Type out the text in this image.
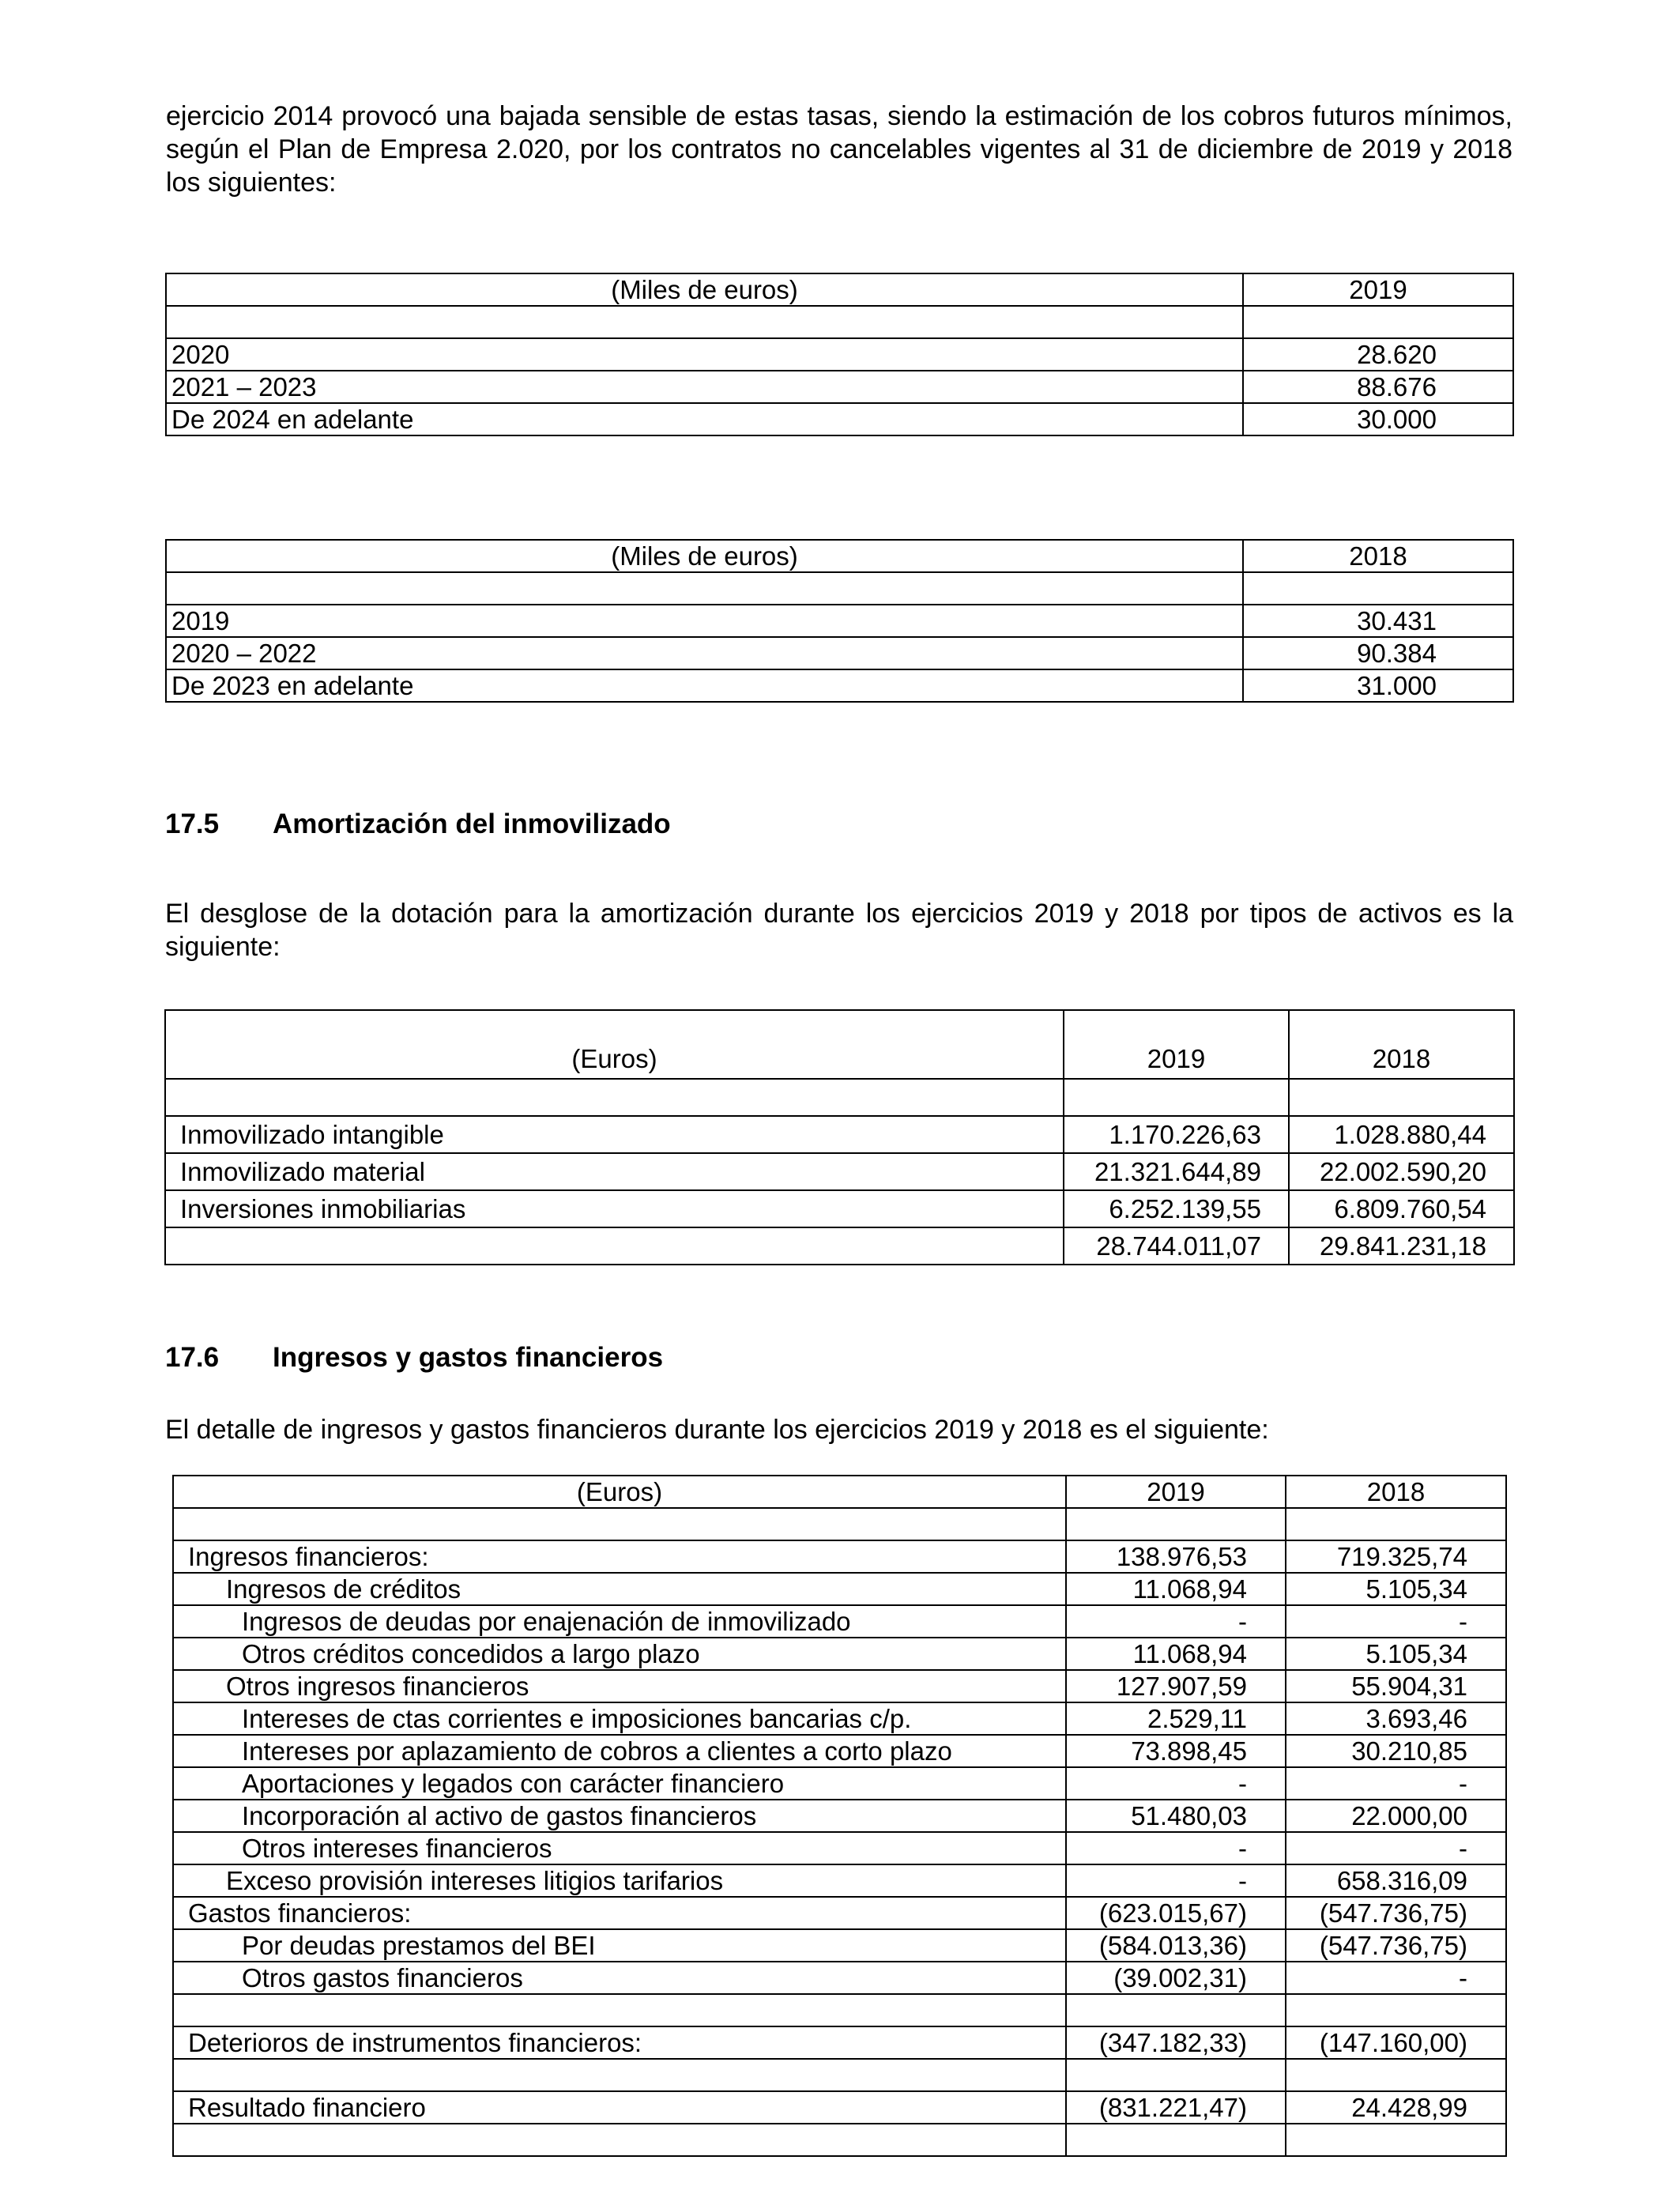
ejercicio 2014 provocó una bajada sensible de estas tasas, siendo la estimación de los cobros futuros mínimos, según el Plan de Empresa 2.020, por los contratos no cancelables vigentes al 31 de diciembre de 2019 y 2018 los siguientes:
(Miles de euros)	2019

2020	28.620
2021 – 2023	88.676
De 2024 en adelante	30.000
(Miles de euros)	2018

2019	30.431
2020 – 2022	90.384
De 2023 en adelante	31.000
17.5 Amortización del inmovilizado
El desglose de la dotación para la amortización durante los ejercicios 2019 y 2018 por tipos de activos es la siguiente:
(Euros)	2019	2018

Inmovilizado intangible	1.170.226,63	1.028.880,44
Inmovilizado material	21.321.644,89	22.002.590,20
Inversiones inmobiliarias	6.252.139,55	6.809.760,54
	28.744.011,07	29.841.231,18
17.6 Ingresos y gastos financieros
El detalle de ingresos y gastos financieros durante los ejercicios 2019 y 2018 es el siguiente:
(Euros)	2019	2018

Ingresos financieros:	138.976,53	719.325,74
Ingresos de créditos	11.068,94	5.105,34
Ingresos de deudas por enajenación de inmovilizado	-	-
Otros créditos concedidos a largo plazo	11.068,94	5.105,34
Otros ingresos financieros	127.907,59	55.904,31
Intereses de ctas corrientes e imposiciones bancarias c/p.	2.529,11	3.693,46
Intereses por aplazamiento de cobros a clientes a corto plazo	73.898,45	30.210,85
Aportaciones y legados con carácter financiero	-	-
Incorporación al activo de gastos financieros	51.480,03	22.000,00
Otros intereses financieros	-	-
Exceso provisión intereses litigios tarifarios	-	658.316,09
Gastos financieros:	(623.015,67)	(547.736,75)
Por deudas prestamos del BEI	(584.013,36)	(547.736,75)
Otros gastos financieros	(39.002,31)	-

Deterioros de instrumentos financieros:	(347.182,33)	(147.160,00)

Resultado financiero	(831.221,47)	24.428,99
